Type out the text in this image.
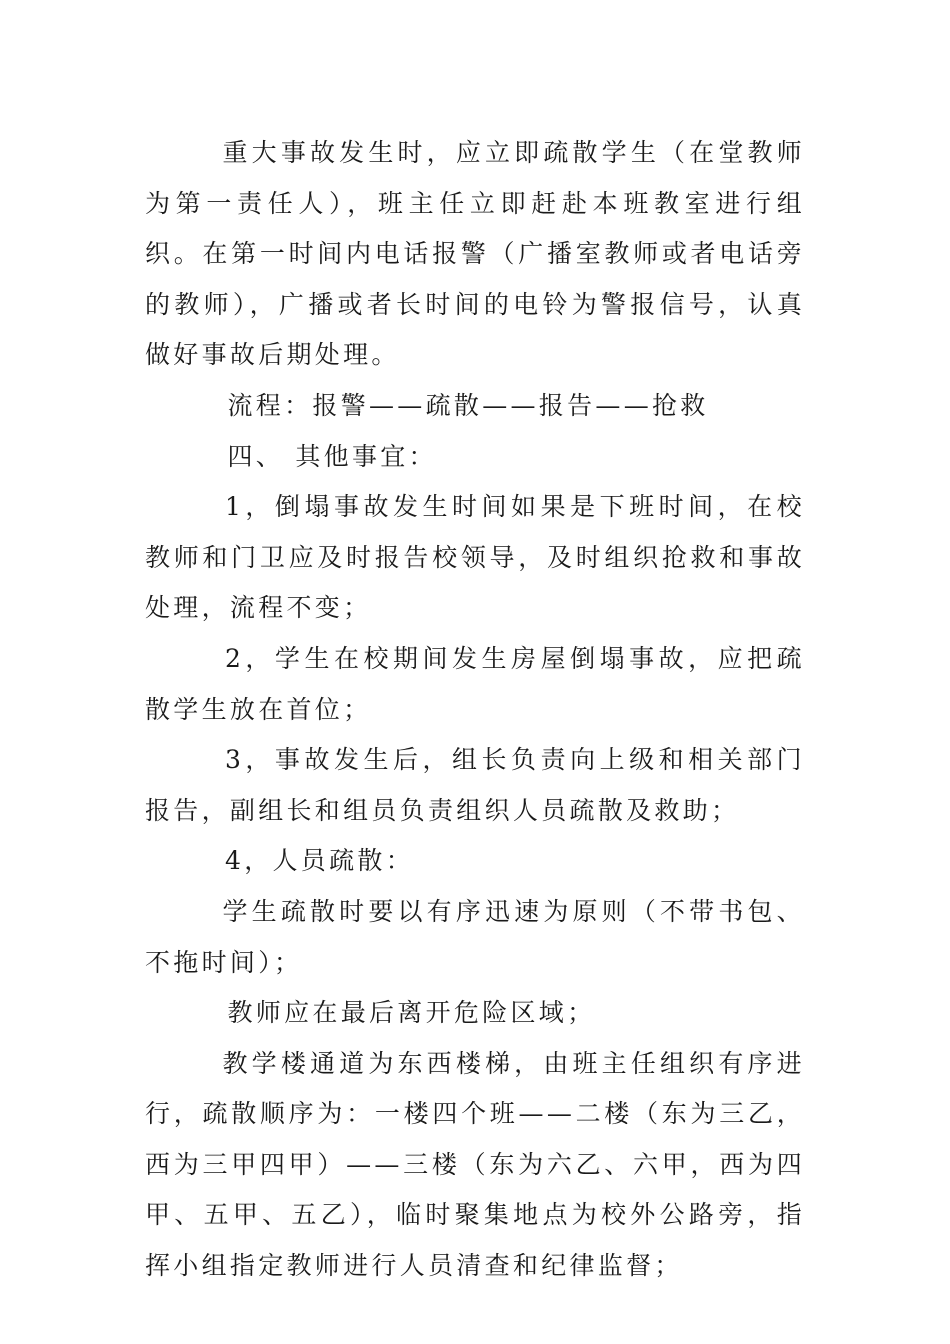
重大事故发生时，应立即疏散学生（在堂教师为第一责任人），班主任立即赶赴本班教室进行组织。在第一时间内电话报警（广播室教师或者电话旁的教师），广播或者长时间的电铃为警报信号，认真做好事故后期处理。

流程：报警——疏散——报告——抢救

四、 其他事宜：

1，倒塌事故发生时间如果是下班时间，在校教师和门卫应及时报告校领导，及时组织抢救和事故处理，流程不变；

2，学生在校期间发生房屋倒塌事故，应把疏散学生放在首位；

3，事故发生后，组长负责向上级和相关部门报告，副组长和组员负责组织人员疏散及救助；

4，人员疏散：

学生疏散时要以有序迅速为原则（不带书包、不拖时间）；

教师应在最后离开危险区域；

教学楼通道为东西楼梯，由班主任组织有序进行，疏散顺序为：一楼四个班——二楼（东为三乙，西为三甲四甲）——三楼（东为六乙、六甲，西为四甲、五甲、五乙），临时聚集地点为校外公路旁，指挥小组指定教师进行人员清查和纪律监督；
